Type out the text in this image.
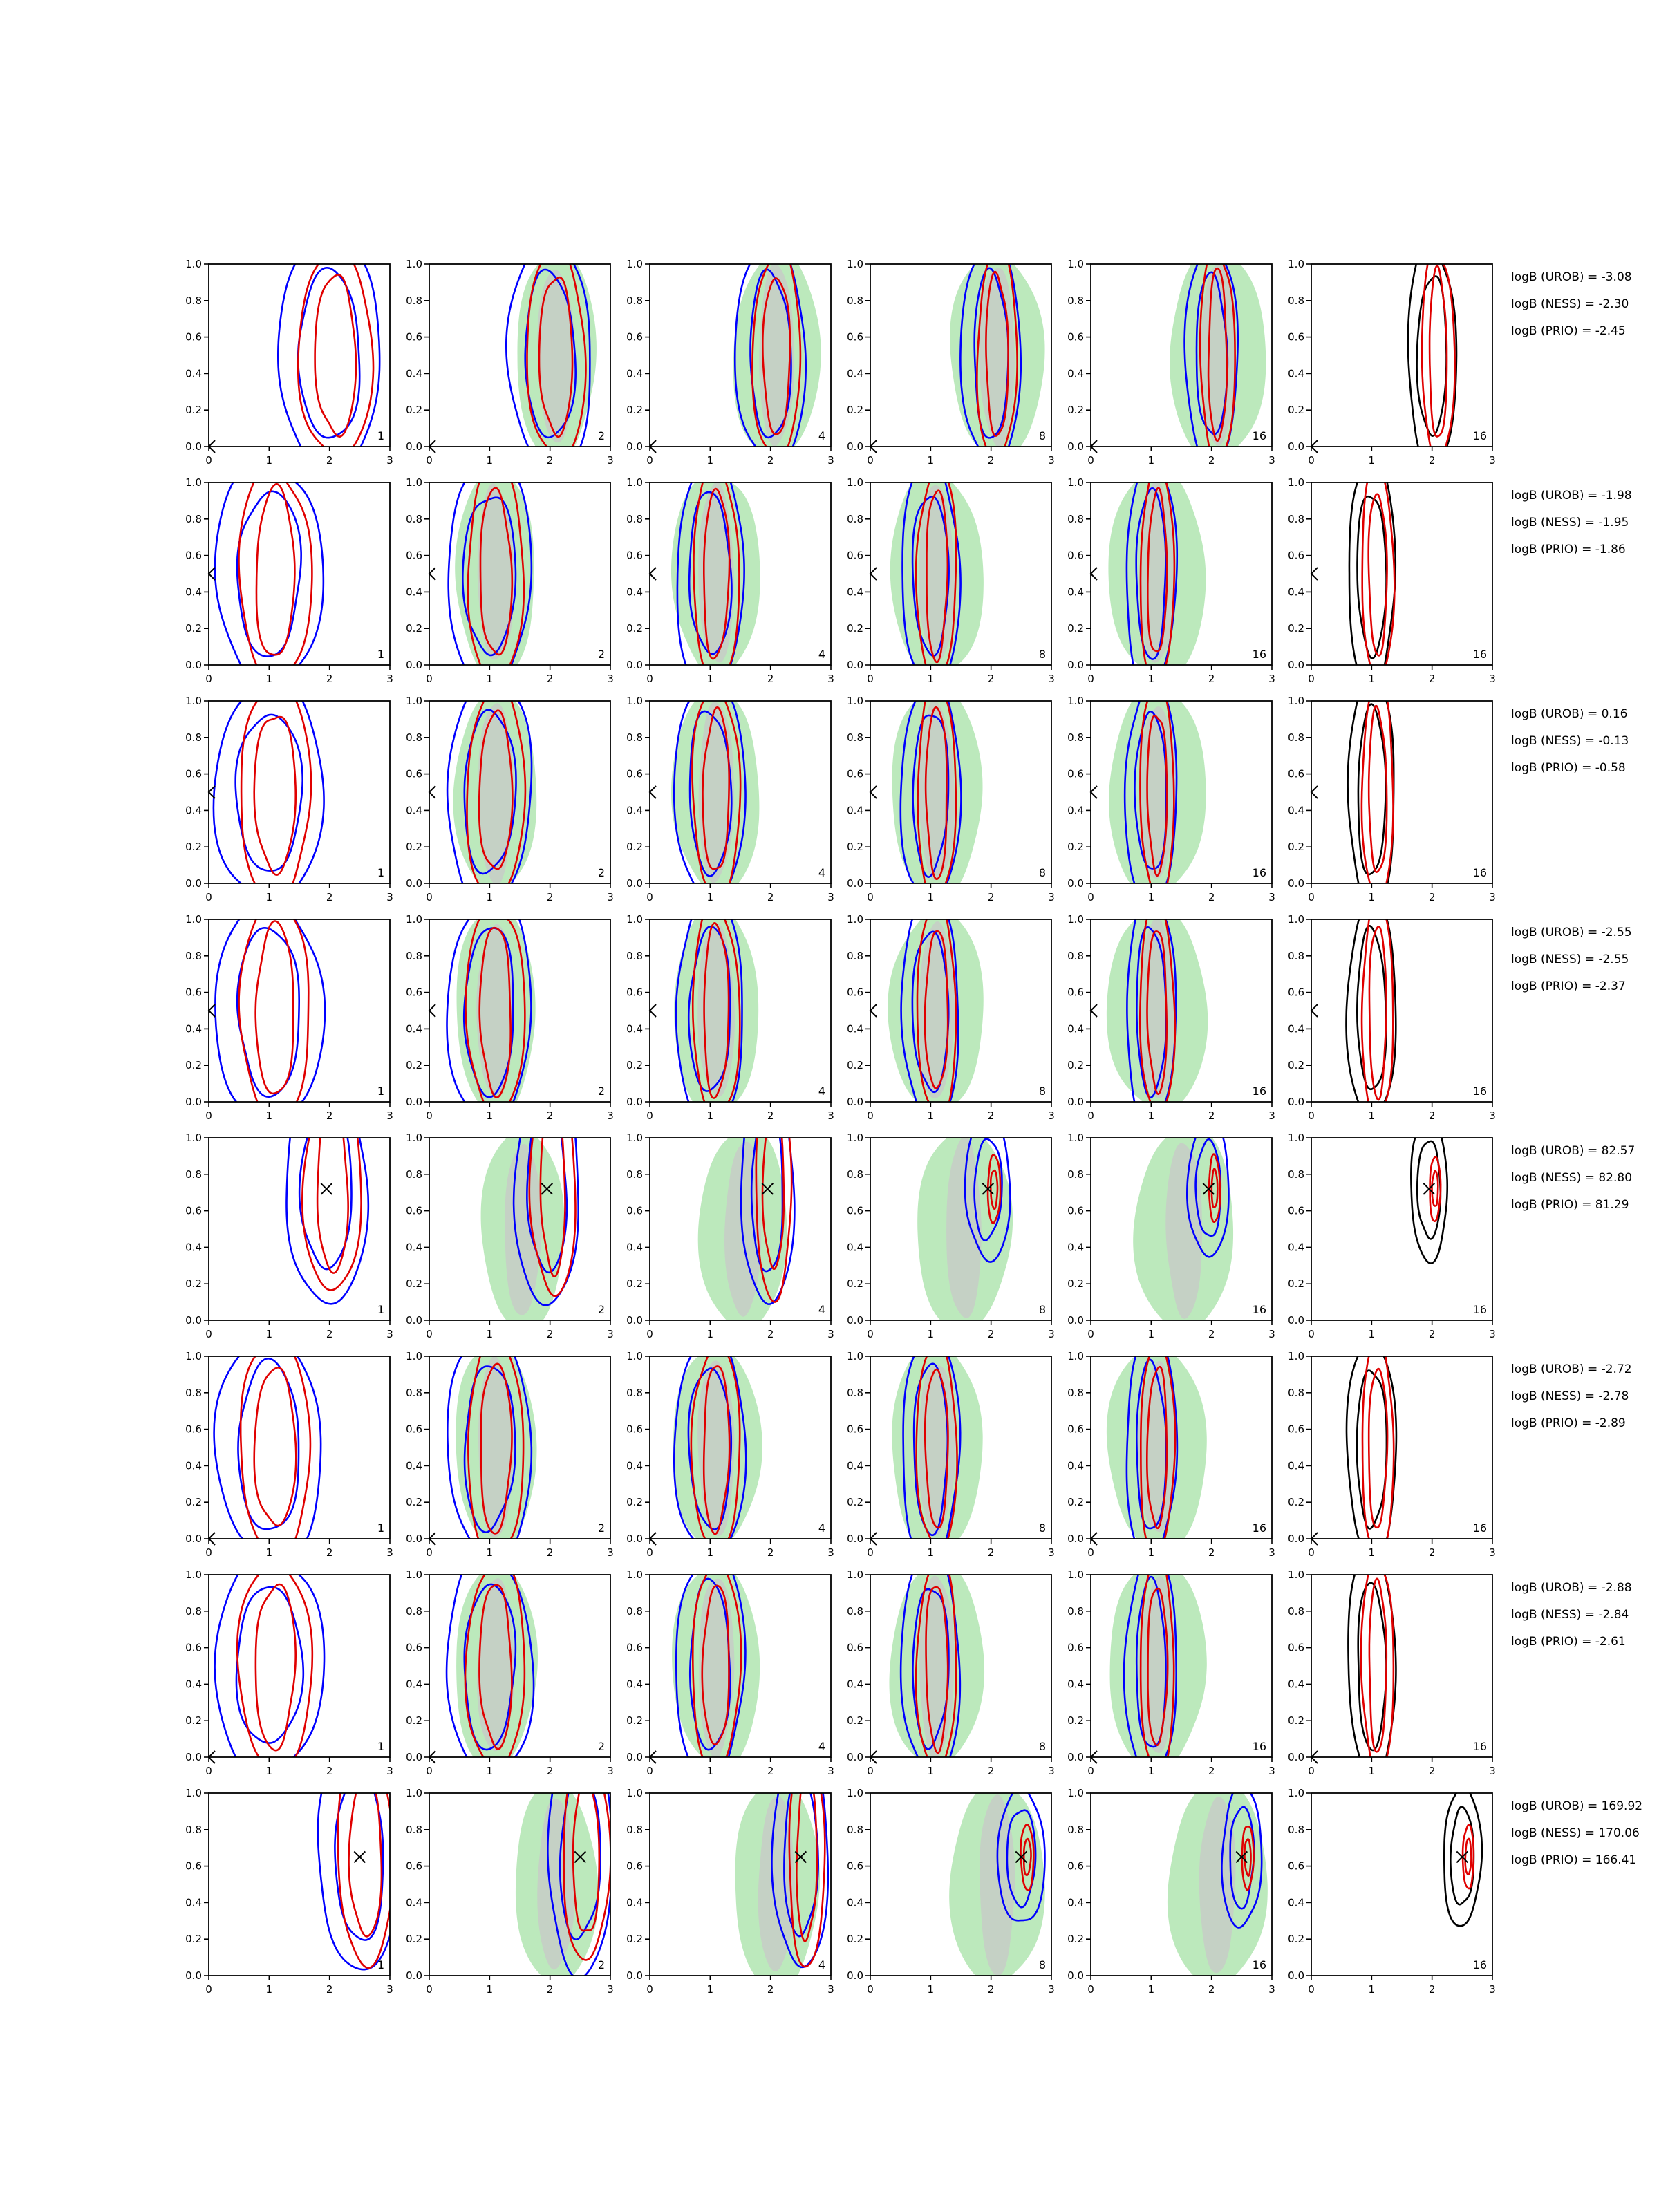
0	1	2	3
0.0
0.2
0.4
0.6
0.8
1.0
1
0	1	2	3
0.0
0.2
0.4
0.6
0.8
1.0
2
0	1	2	3
0.0
0.2
0.4
0.6
0.8
1.0
4
0	1	2	3
0.0
0.2
0.4
0.6
0.8
1.0
8
0	1	2	3
0.0
0.2
0.4
0.6
0.8
1.0
16
0	1	2	3
0.0
0.2
0.4
0.6
0.8
1.0
16
logB (UROB) = -3.08
logB (NESS) = -2.30
logB (PRIO) = -2.45
0	1	2	3
0.0
0.2
0.4
0.6
0.8
1.0
1
0	1	2	3
0.0
0.2
0.4
0.6
0.8
1.0
2
0	1	2	3
0.0
0.2
0.4
0.6
0.8
1.0
4
0	1	2	3
0.0
0.2
0.4
0.6
0.8
1.0
8
0	1	2	3
0.0
0.2
0.4
0.6
0.8
1.0
16
0	1	2	3
0.0
0.2
0.4
0.6
0.8
1.0
16
logB (UROB) = -1.98
logB (NESS) = -1.95
logB (PRIO) = -1.86
0	1	2	3
0.0
0.2
0.4
0.6
0.8
1.0
1
0	1	2	3
0.0
0.2
0.4
0.6
0.8
1.0
2
0	1	2	3
0.0
0.2
0.4
0.6
0.8
1.0
4
0	1	2	3
0.0
0.2
0.4
0.6
0.8
1.0
8
0	1	2	3
0.0
0.2
0.4
0.6
0.8
1.0
16
0	1	2	3
0.0
0.2
0.4
0.6
0.8
1.0
16
logB (UROB) = 0.16
logB (NESS) = -0.13
logB (PRIO) = -0.58
0	1	2	3
0.0
0.2
0.4
0.6
0.8
1.0
1
0	1	2	3
0.0
0.2
0.4
0.6
0.8
1.0
2
0	1	2	3
0.0
0.2
0.4
0.6
0.8
1.0
4
0	1	2	3
0.0
0.2
0.4
0.6
0.8
1.0
8
0	1	2	3
0.0
0.2
0.4
0.6
0.8
1.0
16
0	1	2	3
0.0
0.2
0.4
0.6
0.8
1.0
16
logB (UROB) = -2.55
logB (NESS) = -2.55
logB (PRIO) = -2.37
0	1	2	3
0.0
0.2
0.4
0.6
0.8
1.0
1
0	1	2	3
0.0
0.2
0.4
0.6
0.8
1.0
2
0	1	2	3
0.0
0.2
0.4
0.6
0.8
1.0
4
0	1	2	3
0.0
0.2
0.4
0.6
0.8
1.0
8
0	1	2	3
0.0
0.2
0.4
0.6
0.8
1.0
16
0	1	2	3
0.0
0.2
0.4
0.6
0.8
1.0
16
logB (UROB) = 82.57
logB (NESS) = 82.80
logB (PRIO) = 81.29
0	1	2	3
0.0
0.2
0.4
0.6
0.8
1.0
1
0	1	2	3
0.0
0.2
0.4
0.6
0.8
1.0
2
0	1	2	3
0.0
0.2
0.4
0.6
0.8
1.0
4
0	1	2	3
0.0
0.2
0.4
0.6
0.8
1.0
8
0	1	2	3
0.0
0.2
0.4
0.6
0.8
1.0
16
0	1	2	3
0.0
0.2
0.4
0.6
0.8
1.0
16
logB (UROB) = -2.72
logB (NESS) = -2.78
logB (PRIO) = -2.89
0	1	2	3
0.0
0.2
0.4
0.6
0.8
1.0
1
0	1	2	3
0.0
0.2
0.4
0.6
0.8
1.0
2
0	1	2	3
0.0
0.2
0.4
0.6
0.8
1.0
4
0	1	2	3
0.0
0.2
0.4
0.6
0.8
1.0
8
0	1	2	3
0.0
0.2
0.4
0.6
0.8
1.0
16
0	1	2	3
0.0
0.2
0.4
0.6
0.8
1.0
16
logB (UROB) = -2.88
logB (NESS) = -2.84
logB (PRIO) = -2.61
0	1	2	3
0.0
0.2
0.4
0.6
0.8
1.0
1
0	1	2	3
0.0
0.2
0.4
0.6
0.8
1.0
2
0	1	2	3
0.0
0.2
0.4
0.6
0.8
1.0
4
0	1	2	3
0.0
0.2
0.4
0.6
0.8
1.0
8
0	1	2	3
0.0
0.2
0.4
0.6
0.8
1.0
16
0	1	2	3
0.0
0.2
0.4
0.6
0.8
1.0
16
logB (UROB) = 169.92
logB (NESS) = 170.06
logB (PRIO) = 166.41
